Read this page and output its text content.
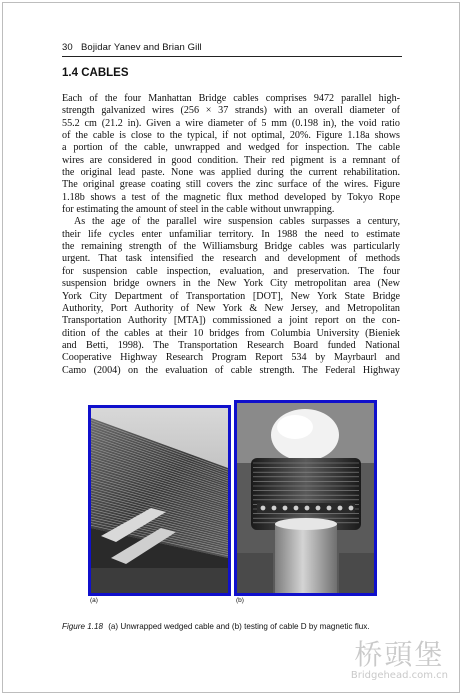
30 Bojidar Yanev and Brian Gill
1.4 CABLES
Each of the four Manhattan Bridge cables comprises 9472 parallel high-
strength galvanized wires (256 × 37 strands) with an overall diameter of
55.2 cm (21.2 in). Given a wire diameter of 5 mm (0.198 in), the void ratio
of the cable is close to the typical, if not optimal, 20%. Figure 1.18a shows
a portion of the cable, unwrapped and wedged for inspection. The cable
wires are considered in good condition. Their red pigment is a remnant of
the original lead paste. None was applied during the current rehabilitation.
The original grease coating still covers the zinc surface of the wires. Figure
1.18b shows a test of the magnetic flux method developed by Tokyo Rope
for estimating the amount of steel in the cable without unwrapping.
As the age of the parallel wire suspension cables surpasses a century,
their life cycles enter unfamiliar territory. In 1988 the need to estimate
the remaining strength of the Williamsburg Bridge cables was particularly
urgent. That task intensified the research and development of methods
for suspension cable inspection, evaluation, and preservation. The four
suspension bridge owners in the New York City metropolitan area (New
York City Department of Transportation [DOT], New York State Bridge
Authority, Port Authority of New York & New Jersey, and Metropolitan
Transportation Authority [MTA]) commissioned a joint report on the con-
dition of the cables at their 10 bridges from Columbia University (Bieniek
and Betti, 1998). The Transportation Research Board funded National
Cooperative Highway Research Program Report 534 by Mayrbaurl and
Camo (2004) on the evaluation of cable strength. The Federal Highway
(a)	(b)
Figure 1.18 (a) Unwrapped wedged cable and (b) testing of cable D by magnetic flux.
桥頭堡
Bridgehead.com.cn
